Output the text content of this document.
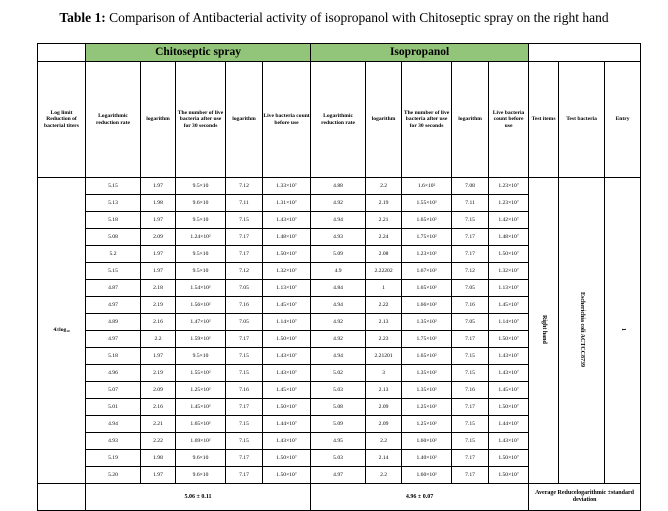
Table 1: Comparison of Antibacterial activity of isopropanol with Chitoseptic spray on the right hand
	Chitoseptic spray					Isopropanol							
Log limit Reduction of bacterial titers	Logarithmic reduction rate	logarithm	The number of live bacteria after use for 30 seconds	logarithm	Live bacteria count before use	Logarithmic reduction rate	logarithm	The number of live bacteria after use for 30 seconds	logarithm	Live bacteria count before use	Test items	Test bacteria	Entry
4≥log₁₀	5.15	1.97	9.5×10	7.12	1.33×10⁷	4.88	2.2	1.6×10²	7.08	1.23×10⁷	Right hand	Escherichia coli ACTCC8739	1
	5.13	1.98	9.6×10	7.11	1.31×10⁷	4.92	2.19	1.55×10²	7.11	1.23×10⁷			
	5.18	1.97	9.5×10	7.15	1.43×10⁷	4.94	2.21	1.65×10²	7.15	1.42×10⁷			
	5.08	2.09	1.24×10²	7.17	1.48×10⁷	4.93	2.24	1.75×10²	7.17	1.48×10⁷			
	5.2	1.97	9.5×10	7.17	1.50×10⁷	5.09	2.08	1.23×10²	7.17	1.50×10⁷			
	5.15	1.97	9.5×10	7.12	1.32×10⁷	4.9	2.22202	1.67×10²	7.12	1.32×10⁷			
	4.87	2.18	1.54×10²	7.05	1.13×10⁷	4.84	1	1.65×10²	7.05	1.13×10⁷			
	4.97	2.19	1.56×10²	7.16	1.45×10⁷	4.94	2.22	1.66×10²	7.16	1.45×10⁷			
	4.89	2.16	1.47×10²	7.05	1.14×10⁷	4.92	2.13	1.35×10²	7.05	1.14×10⁷			
	4.97	2.2	1.59×10²	7.17	1.50×10⁷	4.92	2.23	1.75×10²	7.17	1.50×10⁷			
	5.18	1.97	9.5×10	7.15	1.43×10⁷	4.94	2.21201	1.65×10²	7.15	1.43×10⁷			
	4.96	2.19	1.55×10²	7.15	1.43×10⁷	5.02	3	1.35×10²	7.15	1.43×10⁷			
	5.07	2.09	1.25×10²	7.16	1.45×10⁷	5.03	2.13	1.35×10²	7.16	1.45×10⁷			
	5.01	2.16	1.45×10²	7.17	1.50×10⁷	5.08	2.09	1.25×10²	7.17	1.50×10⁷			
	4.94	2.21	1.65×10²	7.15	1.44×10⁷	5.09	2.09	1.25×10²	7.15	1.44×10⁷			
	4.93	2.22	1.69×10²	7.15	1.43×10⁷	4.95	2.2	1.60×10²	7.15	1.43×10⁷			
	5.19	1.98	9.6×10	7.17	1.50×10⁷	5.03	2.14	1.40×10²	7.17	1.50×10⁷			
	5.20	1.97	9.6×10	7.17	1.50×10⁷	4.97	2.2	1.60×10²	7.17	1.50×10⁷			
	5.06 ± 0.11					4.96 ± 0.07					Average Reducelogarithmic ±standard deviation		
